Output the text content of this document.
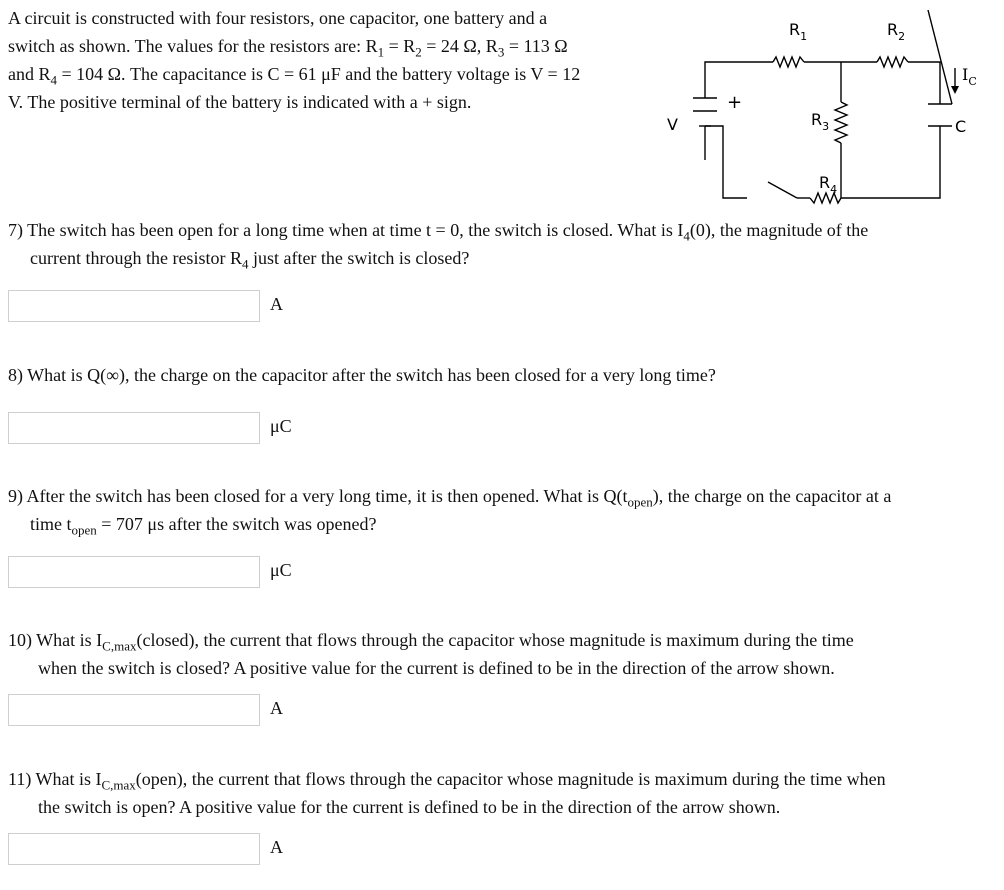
A circuit is constructed with four resistors, one capacitor, one battery and a
switch as shown. The values for the resistors are: $R_1 = R_2 = 24$ Ω, $R_3 = 113$ Ω
and $R_4 = 104$ Ω. The capacitance is C = 61 μF and the battery voltage is V = 12
V. The positive terminal of the battery is indicated with a + sign.
V
+
$R_1$	$R_2$
$R_3$
$R_4$
$I_C$
C
7) The switch has been open for a long time when at time t = 0, the switch is closed. What is $I_4(0)$, the magnitude of the
current through the resistor $R_4$ just after the switch is closed?
A
8) What is Q(∞), the charge on the capacitor after the switch has been closed for a very long time?
μC
9) After the switch has been closed for a very long time, it is then opened. What is $Q(t_{open})$, the charge on the capacitor at a
time $t_{open} = 707$ μs after the switch was opened?
μC
10) What is $I_{C,max}(closed)$, the current that flows through the capacitor whose magnitude is maximum during the time
when the switch is closed? A positive value for the current is defined to be in the direction of the arrow shown.
A
11) What is $I_{C,max}(open)$, the current that flows through the capacitor whose magnitude is maximum during the time when
the switch is open? A positive value for the current is defined to be in the direction of the arrow shown.
A
